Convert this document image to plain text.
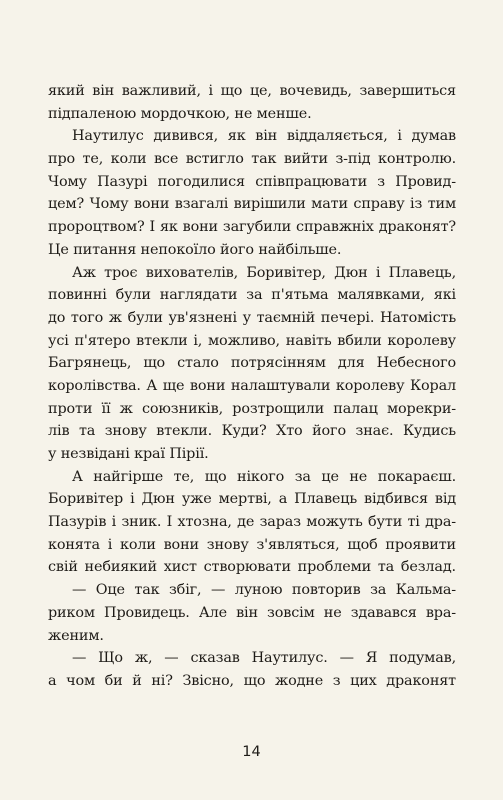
який він важливий, і що це, вочевидь, завершиться
підпаленою мордочкою, не менше.
Наутилус дивився, як він віддаляється, і думав
про те, коли все встигло так вийти з-під контролю.
Чому Пазурі погодилися співпрацювати з Провид-
цем? Чому вони взагалі вирішили мати справу із тим
пророцтвом? І як вони загубили справжніх драконят?
Це питання непокоїло його найбільше.
Аж троє вихователів, Боривітер, Дюн і Плавець,
повинні були наглядати за п'ятьма малявками, які
до того ж були ув'язнені у таємній печері. Натомість
усі п'ятеро втекли і, можливо, навіть вбили королеву
Багрянець, що стало потрясінням для Небесного
королівства. А ще вони налаштували королеву Корал
проти її ж союзників, розтрощили палац морекри-
лів та знову втекли. Куди? Хто його знає. Кудись
у незвідані краї Пірії.
А найгірше те, що нікого за це не покараєш.
Боривітер і Дюн уже мертві, а Плавець відбився від
Пазурів і зник. І хтозна, де зараз можуть бути ті дра-
конята і коли вони знову з'являться, щоб проявити
свій небиякий хист створювати проблеми та безлад.
— Оце так збіг, — луною повторив за Кальма-
риком Провидець. Але він зовсім не здавався вра-
женим.
— Що ж, — сказав Наутилус. — Я подумав,
а чом би й ні? Звісно, що жодне з цих драконят
14
